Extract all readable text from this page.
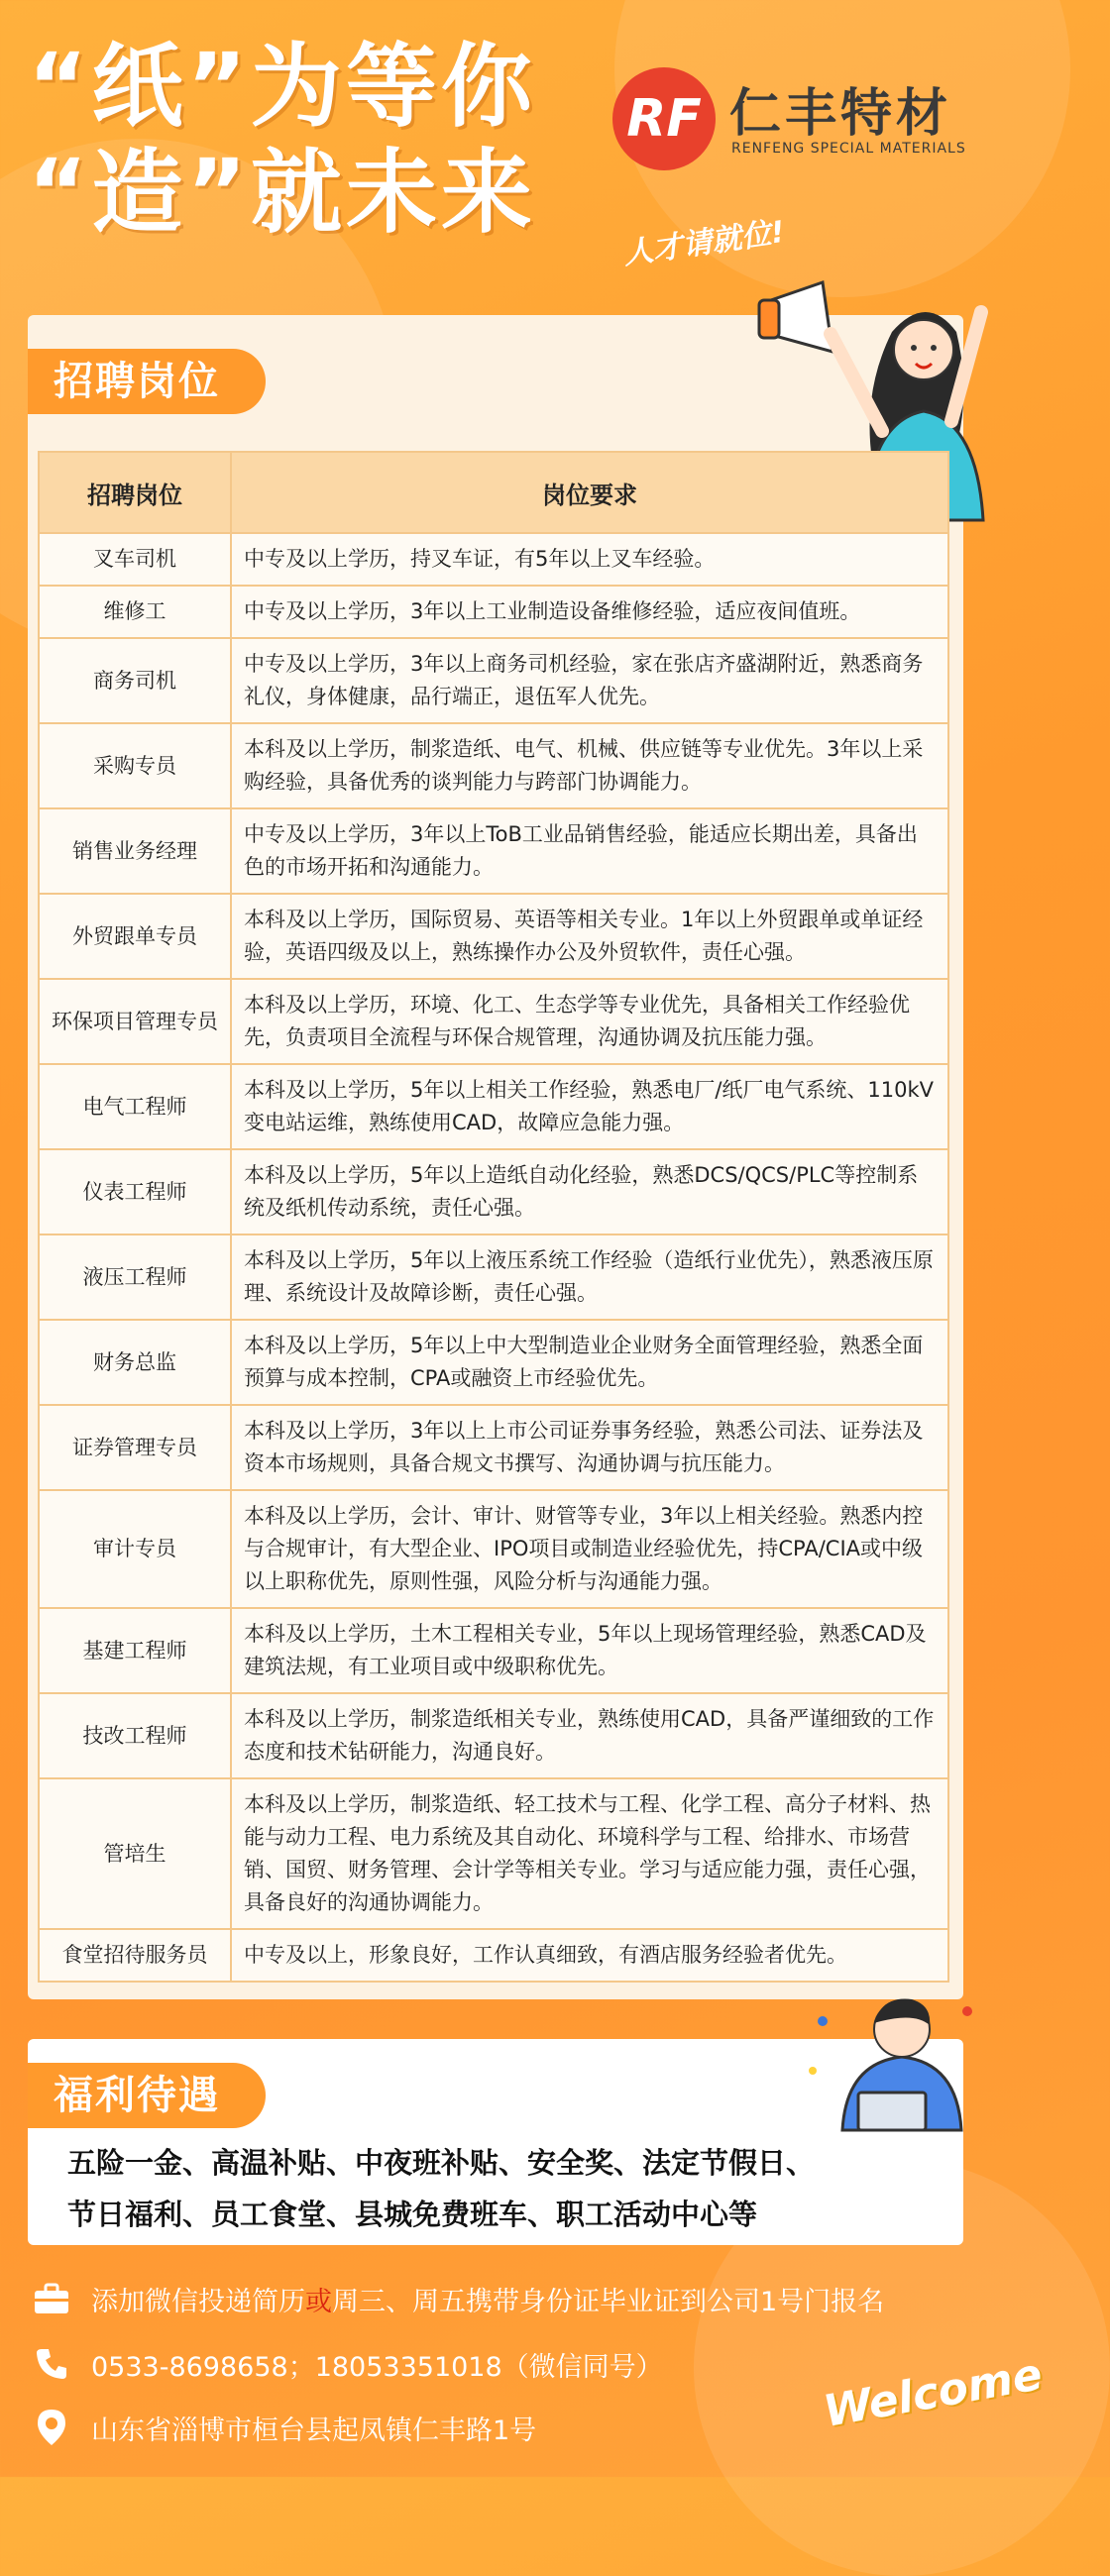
“纸”为等你
“造”就未来
RF 仁丰特材
RENFENG SPECIAL MATERIALS
人才请就位!
招聘岗位
招聘岗位	岗位要求
叉车司机	中专及以上学历，持叉车证，有5年以上叉车经验。
维修工	中专及以上学历，3年以上工业制造设备维修经验，适应夜间值班。
商务司机	中专及以上学历，3年以上商务司机经验，家在张店齐盛湖附近，熟悉商务礼仪，身体健康，品行端正，退伍军人优先。
采购专员	本科及以上学历，制浆造纸、电气、机械、供应链等专业优先。3年以上采购经验，具备优秀的谈判能力与跨部门协调能力。
销售业务经理	中专及以上学历，3年以上ToB工业品销售经验，能适应长期出差，具备出色的市场开拓和沟通能力。
外贸跟单专员	本科及以上学历，国际贸易、英语等相关专业。1年以上外贸跟单或单证经验，英语四级及以上，熟练操作办公及外贸软件，责任心强。
环保项目管理专员	本科及以上学历，环境、化工、生态学等专业优先，具备相关工作经验优先，负责项目全流程与环保合规管理，沟通协调及抗压能力强。
电气工程师	本科及以上学历，5年以上相关工作经验，熟悉电厂/纸厂电气系统、110kV变电站运维，熟练使用CAD，故障应急能力强。
仪表工程师	本科及以上学历，5年以上造纸自动化经验，熟悉DCS/QCS/PLC等控制系统及纸机传动系统，责任心强。
液压工程师	本科及以上学历，5年以上液压系统工作经验（造纸行业优先），熟悉液压原理、系统设计及故障诊断，责任心强。
财务总监	本科及以上学历，5年以上中大型制造业企业财务全面管理经验，熟悉全面预算与成本控制，CPA或融资上市经验优先。
证券管理专员	本科及以上学历，3年以上上市公司证券事务经验，熟悉公司法、证券法及资本市场规则，具备合规文书撰写、沟通协调与抗压能力。
审计专员	本科及以上学历，会计、审计、财管等专业，3年以上相关经验。熟悉内控与合规审计，有大型企业、IPO项目或制造业经验优先，持CPA/CIA或中级以上职称优先，原则性强，风险分析与沟通能力强。
基建工程师	本科及以上学历，土木工程相关专业，5年以上现场管理经验，熟悉CAD及建筑法规，有工业项目或中级职称优先。
技改工程师	本科及以上学历，制浆造纸相关专业，熟练使用CAD，具备严谨细致的工作态度和技术钻研能力，沟通良好。
管培生	本科及以上学历，制浆造纸、轻工技术与工程、化学工程、高分子材料、热能与动力工程、电力系统及其自动化、环境科学与工程、给排水、市场营销、国贸、财务管理、会计学等相关专业。学习与适应能力强，责任心强，具备良好的沟通协调能力。
食堂招待服务员	中专及以上，形象良好，工作认真细致，有酒店服务经验者优先。
福利待遇
五险一金、高温补贴、中夜班补贴、安全奖、法定节假日、
节日福利、员工食堂、县城免费班车、职工活动中心等
添加微信投递简历 或 周三、周五携带身份证毕业证到公司1号门报名
0533-8698658；18053351018（微信同号）
山东省淄博市桓台县起凤镇仁丰路1号	Welcome
